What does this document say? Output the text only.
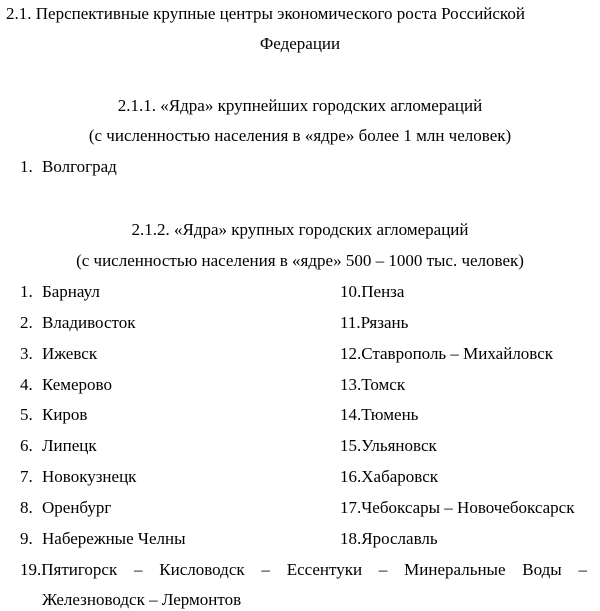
2.1. Перспективные крупные центры экономического роста Российской
Федерации
2.1.1. «Ядра» крупнейших городских агломераций
(с численностью населения в «ядре» более 1 млн человек)
1. Волгоград
2.1.2. «Ядра» крупных городских агломераций
(с численностью населения в «ядре» 500 – 1000 тыс. человек)
1. Барнаул
2. Владивосток
3. Ижевск
4. Кемерово
5. Киров
6. Липецк
7. Новокузнецк
8. Оренбург
9. Набережные Челны
10.Пенза
11.Рязань
12.Ставрополь – Михайловск
13.Томск
14.Тюмень
15.Ульяновск
16.Хабаровск
17.Чебоксары – Новочебоксарск
18.Ярославль
19.Пятигорск – Кисловодск – Ессентуки – Минеральные Воды –
Железноводск – Лермонтов
